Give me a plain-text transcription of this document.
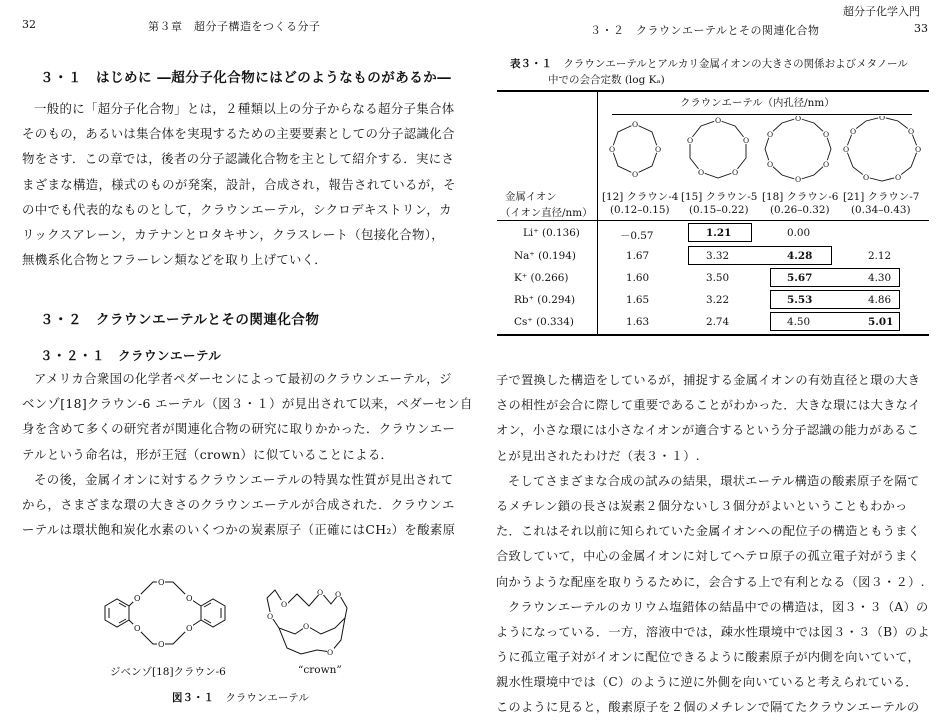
32	第３章　超分子構造をつくる分子
３・１　はじめに ―超分子化合物にはどのようなものがあるか―
一般的に「超分子化合物」とは，２種類以上の分子からなる超分子集合体
そのもの，あるいは集合体を実現するための主要要素としての分子認識化合
物をさす．この章では，後者の分子認識化合物を主として紹介する．実にさ
まざまな構造，様式のものが発案，設計，合成され，報告されているが，そ
の中でも代表的なものとして，クラウンエーテル，シクロデキストリン，カ
リックスアレーン，カテナンとロタキサン，クラスレート（包接化合物），
無機系化合物とフラーレン類などを取り上げていく．
３・２　クラウンエーテルとその関連化合物
３・２・１　クラウンエーテル
アメリカ合衆国の化学者ペダーセンによって最初のクラウンエーテル，ジ
ベンゾ[18]クラウン-6 エーテル（図３・１）が見出されて以来，ペダーセン自
身を含めて多くの研究者が関連化合物の研究に取りかかった．クラウンエー
テルという命名は，形が王冠（crown）に似ていることによる．
その後，金属イオンに対するクラウンエーテルの特異な性質が見出されて
から，さまざまな環の大きさのクラウンエーテルが合成された．クラウンエ
ーテルは環状飽和炭化水素のいくつかの炭素原子（正確にはCH₂）を酸素原
O
O
O
O
O
O
O
O O
O
O
O
ジベンゾ[18]クラウン-6	“crown”
図３・１ クラウンエーテル
超分子化学入門
３・２　クラウンエーテルとその関連化合物	33
表３・１ クラウンエーテルとアルカリ金属イオンの大きさの関係およびメタノール
中での会合定数 (log Kₐ)
クラウンエーテル（内孔径/nm）
O
O
O
O
O
O
O
O
O
O
O
O
O
O
O
O
O
O
O
O
O
O
金属イオン
（イオン直径/nm）
[12] クラウン-4
(0.12–0.15)
[15] クラウン-5
(0.15–0.22)
[18] クラウン-6
(0.26–0.32)
[21] クラウン-7
(0.34–0.43)
Li⁺ (0.136)	－0.57	1.21	0.00
Na⁺ (0.194)	1.67	3.32	4.28	2.12
K⁺ (0.266)	1.60	3.50	5.67	4.30
Rb⁺ (0.294)	1.65	3.22	5.53	4.86
Cs⁺ (0.334)	1.63	2.74	4.50	5.01
子で置換した構造をしているが，捕捉する金属イオンの有効直径と環の大き
さの相性が会合に際して重要であることがわかった．大きな環には大きなイ
オン，小さな環には小さなイオンが適合するという分子認識の能力があるこ
とが見出されたわけだ（表３・１）.
そしてさまざまな合成の試みの結果，環状エーテル構造の酸素原子を隔て
るメチレン鎖の長さは炭素２個分ないし３個分がよいということもわかっ
た．これはそれ以前に知られていた金属イオンへの配位子の構造ともうまく
合致していて，中心の金属イオンに対してヘテロ原子の孤立電子対がうまく
向かうような配座を取りうるために，会合する上で有利となる（図３・２）.
クラウンエーテルのカリウム塩錯体の結晶中での構造は，図３・３（A）の
ようになっている．一方，溶液中では，疎水性環境中では図３・３（B）のよ
うに孤立電子対がイオンに配位できるように酸素原子が内側を向いていて，
親水性環境中では（C）のように逆に外側を向いていると考えられている．
このように見ると，酸素原子を２個のメチレンで隔てたクラウンエーテルの
